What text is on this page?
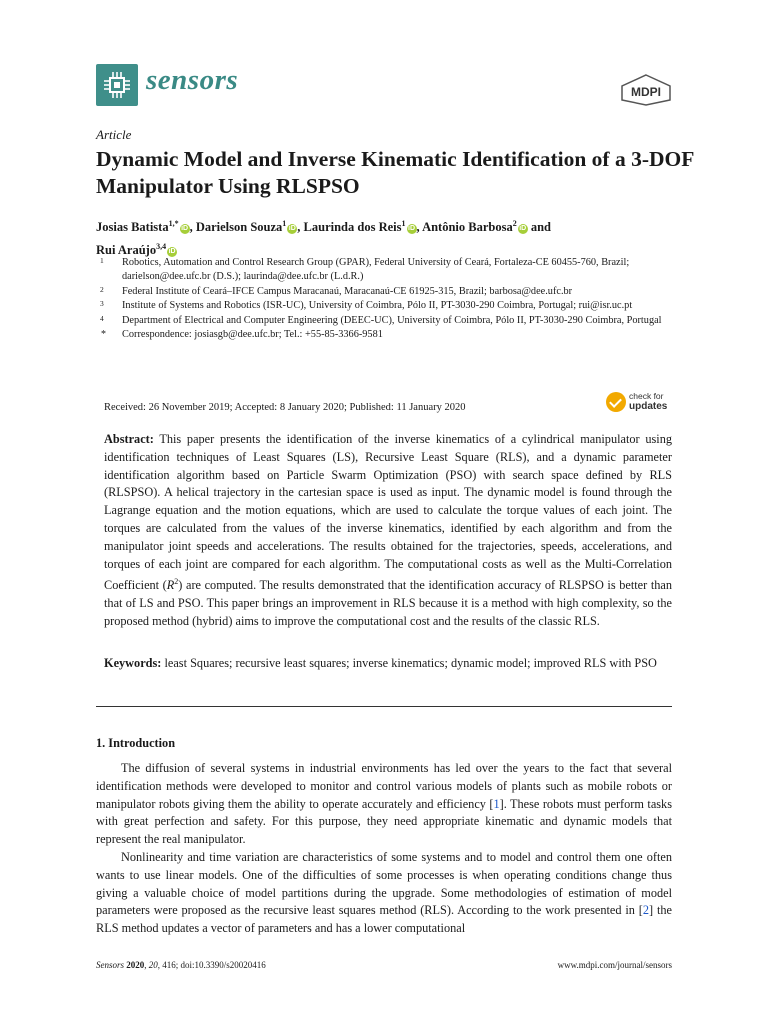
sensors	MDPI
Article
Dynamic Model and Inverse Kinematic Identification of a 3-DOF Manipulator Using RLSPSO
Josias Batista$^{1,*}$iD , Darielson Souza$^1$iD , Laurinda dos Reis$^1$iD , Antônio Barbosa$^2$iD and
Rui Araújo$^{3,4}$iD
1 Robotics, Automation and Control Research Group (GPAR), Federal University of Ceará, Fortaleza-CE 60455-760, Brazil; darielson@dee.ufc.br (D.S.); laurinda@dee.ufc.br (L.d.R.)
2 Federal Institute of Ceará–IFCE Campus Maracanaú, Maracanaú-CE 61925-315, Brazil; barbosa@dee.ufc.br
3 Institute of Systems and Robotics (ISR-UC), University of Coimbra, Pólo II, PT-3030-290 Coimbra, Portugal; rui@isr.uc.pt
4 Department of Electrical and Computer Engineering (DEEC-UC), University of Coimbra, Pólo II, PT-3030-290 Coimbra, Portugal
* Correspondence: josiasgb@dee.ufc.br; Tel.: +55-85-3366-9581
Received: 26 November 2019; Accepted: 8 January 2020; Published: 11 January 2020
check for
updates
Abstract: This paper presents the identification of the inverse kinematics of a cylindrical manipulator using identification techniques of Least Squares (LS), Recursive Least Square (RLS), and a dynamic parameter identification algorithm based on Particle Swarm Optimization (PSO) with search space defined by RLS (RLSPSO). A helical trajectory in the cartesian space is used as input. The dynamic model is found through the Lagrange equation and the motion equations, which are used to calculate the torque values of each joint. The torques are calculated from the values of the inverse kinematics, identified by each algorithm and from the manipulator joint speeds and accelerations. The results obtained for the trajectories, speeds, accelerations, and torques of each joint are compared for each algorithm. The computational costs as well as the Multi-Correlation Coefficient $(R^2)$ are computed. The results demonstrated that the identification accuracy of RLSPSO is better than that of LS and PSO. This paper brings an improvement in RLS because it is a method with high complexity, so the proposed method (hybrid) aims to improve the computational cost and the results of the classic RLS.
Keywords: least Squares; recursive least squares; inverse kinematics; dynamic model; improved RLS with PSO
1. Introduction

The diffusion of several systems in industrial environments has led over the years to the fact that several identification methods were developed to monitor and control various models of plants such as mobile robots or manipulator robots giving them the ability to operate accurately and efficiency [1]. These robots must perform tasks with great perfection and safety. For this purpose, they need appropriate kinematic and dynamic models that represent the real manipulator.

Nonlinearity and time variation are characteristics of some systems and to model and control them one often wants to use linear models. One of the difficulties of some processes is when operating conditions change thus giving a valuable choice of model partitions during the upgrade. Some methodologies of estimation of model parameters were proposed as the recursive least squares method (RLS). According to the work presented in [2] the RLS method updates a vector of parameters and has a lower computational

Sensors 2020, 20, 416; doi:10.3390/s20020416	www.mdpi.com/journal/sensors
